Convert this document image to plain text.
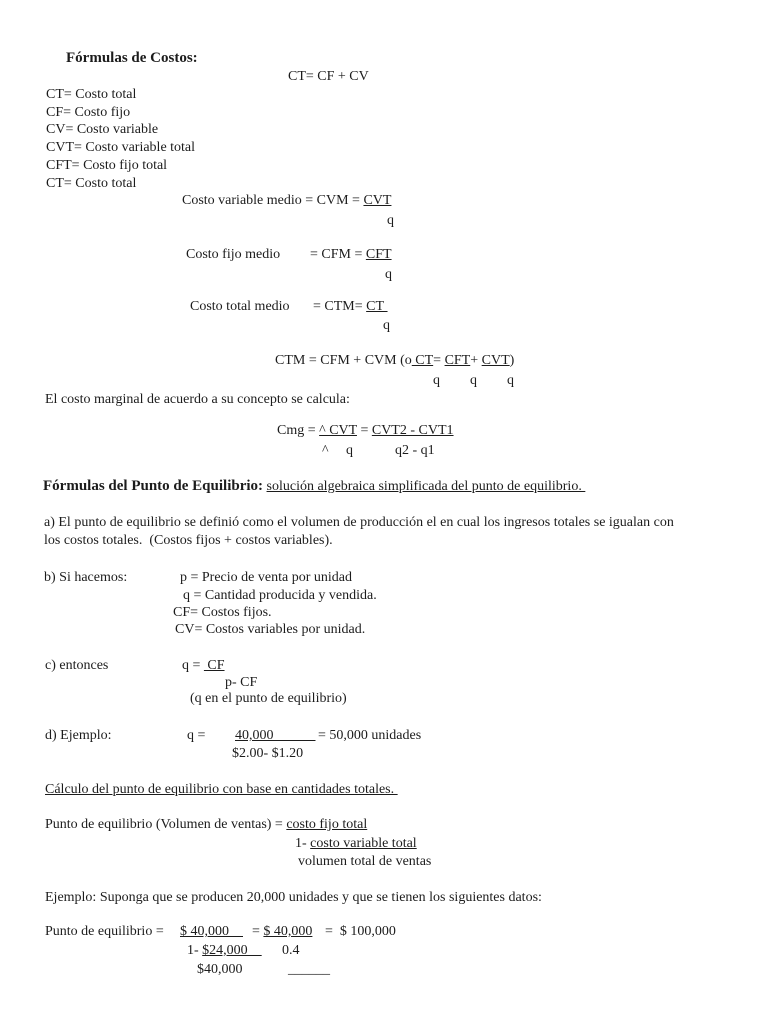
Fórmulas de Costos:
CT= CF + CV
CT= Costo total
CF= Costo fijo
CV= Costo variable
CVT= Costo variable total
CFT= Costo fijo total
CT= Costo total
Costo variable medio = CVM = CVT
q
Costo fijo medio = CFM = CFT
q
Costo total medio = CTM= CT
q
CTM = CFM + CVM (o CT= CFT+ CVT)
q q q
El costo marginal de acuerdo a su concepto se calcula:
Cmg = ^ CVT = CVT2 - CVT1
^ q	q2 - q1
Fórmulas del Punto de Equilibrio: solución algebraica simplificada del punto de equilibrio.
a) El punto de equilibrio se definió como el volumen de producción el en cual los ingresos totales se igualan con
los costos totales.  (Costos fijos + costos variables).
b) Si hacemos:	p = Precio de venta por unidad
q = Cantidad producida y vendida.
CF= Costos fijos.
CV= Costos variables por unidad.
c) entonces	q =  CF
p- CF
(q en el punto de equilibrio)
d) Ejemplo:	q = 40,000 = 50,000 unidades
$2.00- $1.20
Cálculo del punto de equilibrio con base en cantidades totales.
Punto de equilibrio (Volumen de ventas) = costo fijo total
1- costo variable total
volumen total de ventas
Ejemplo: Suponga que se producen 20,000 unidades y que se tienen los siguientes datos:
Punto de equilibrio = $ 40,000 = $ 40,000 =  $ 100,000
1- $24,000 0.4
$40,000	______
